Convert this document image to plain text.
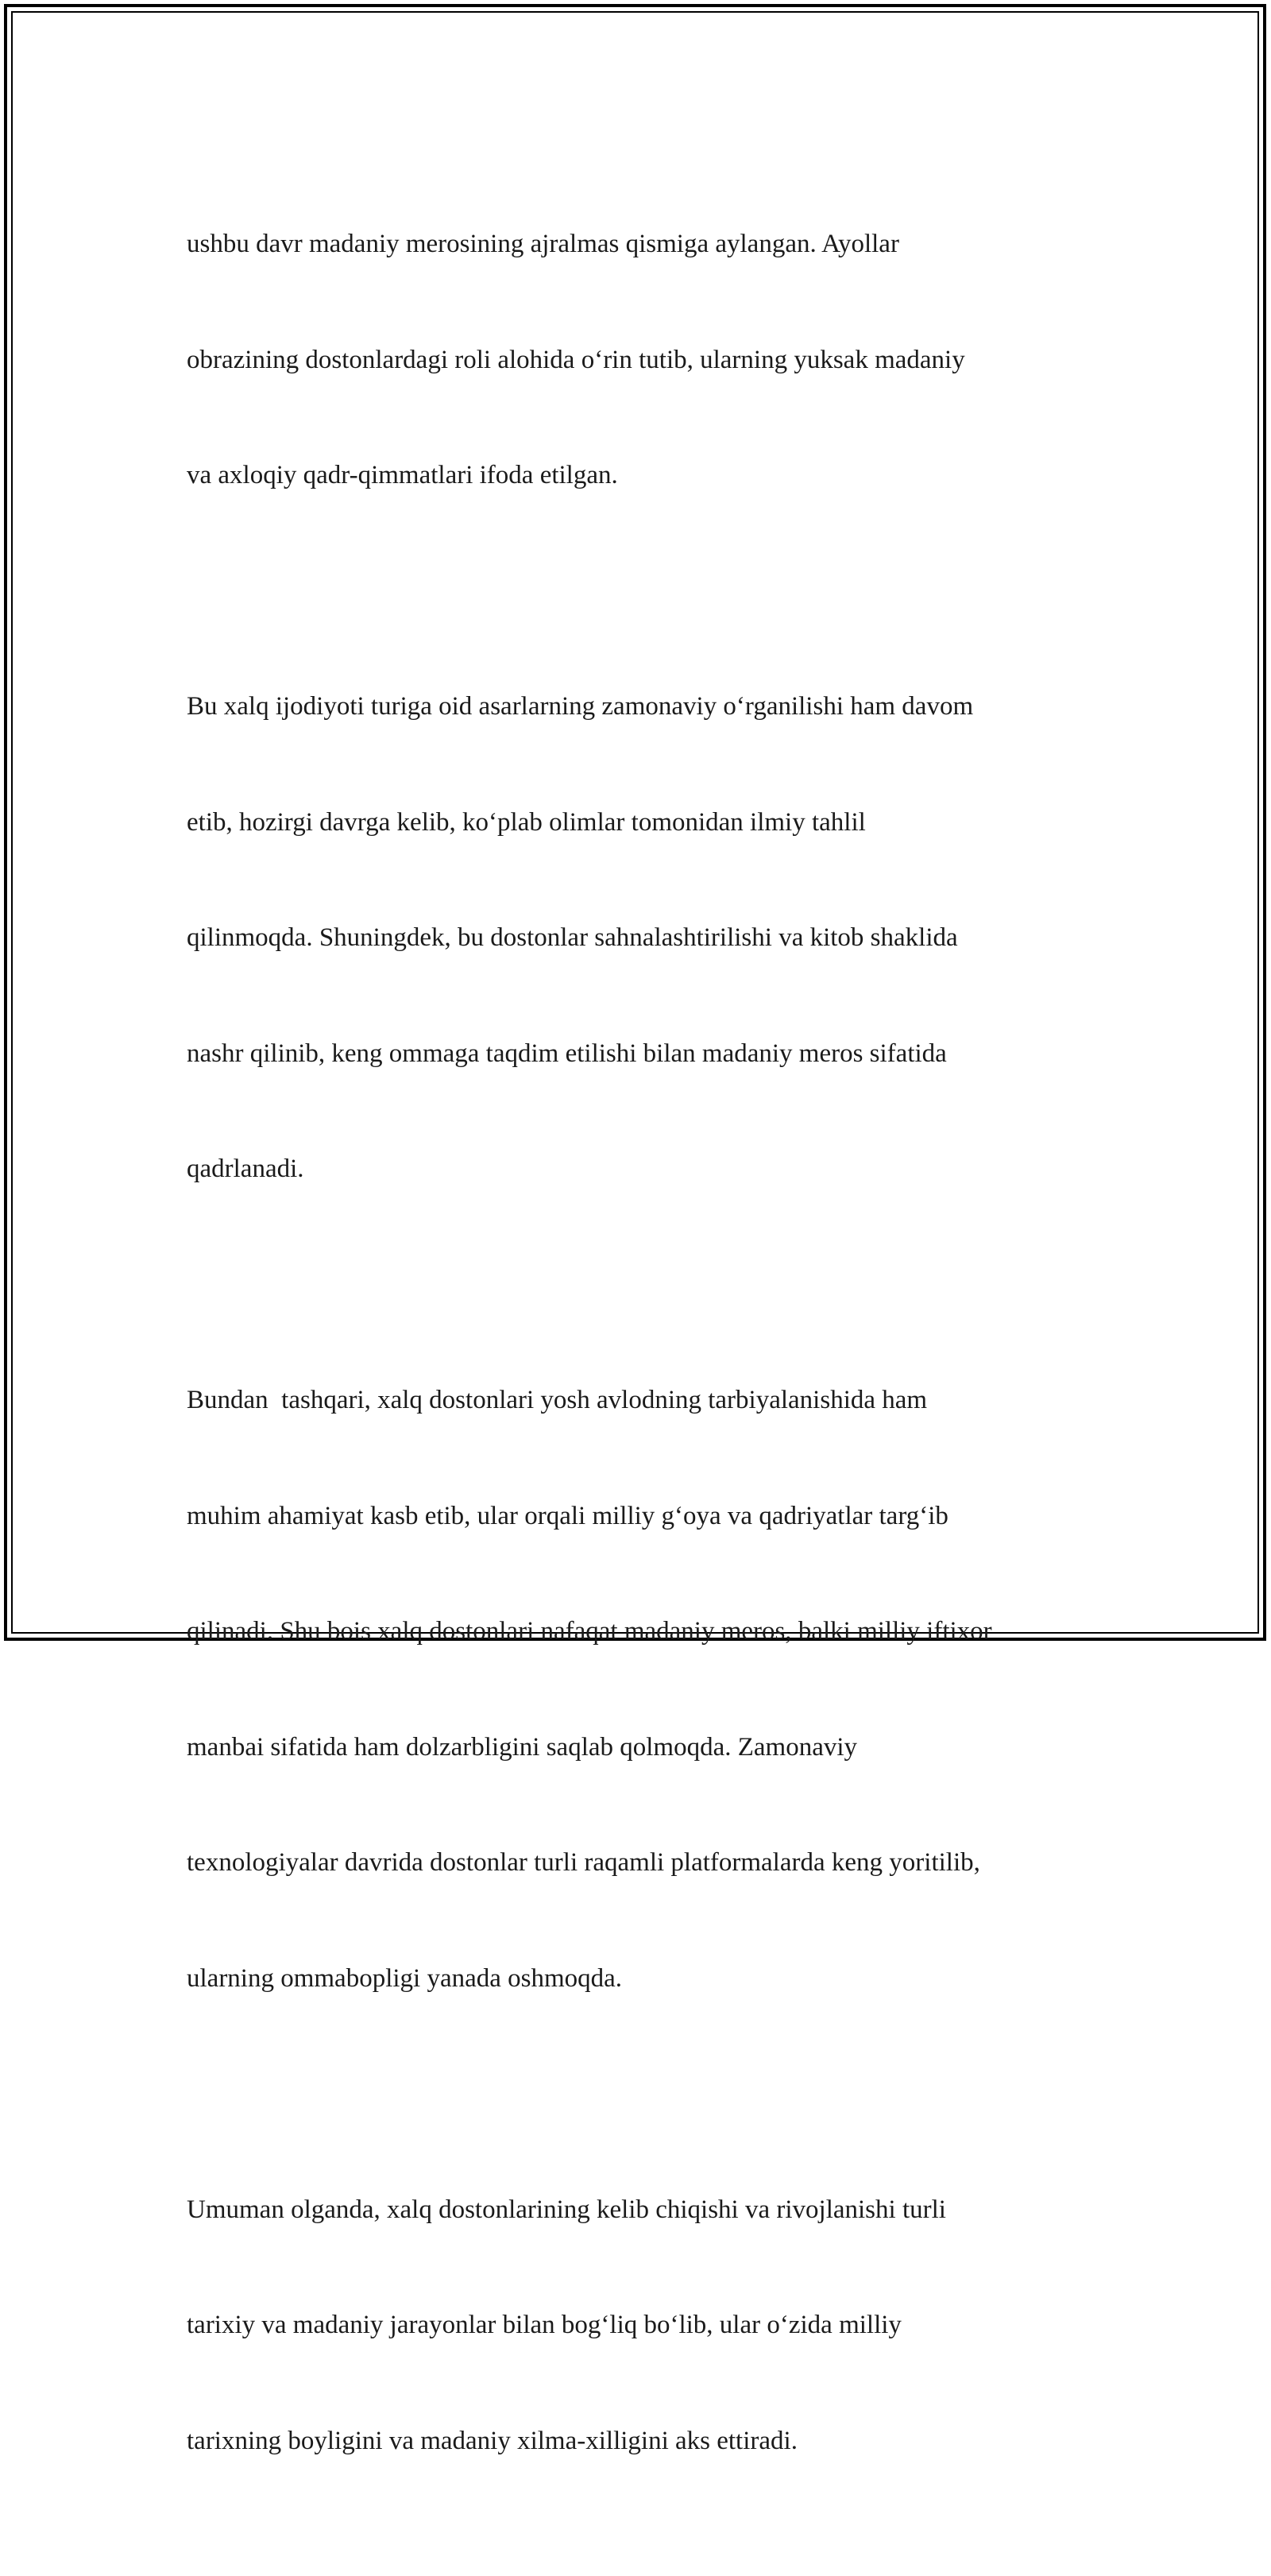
ushbu davr madaniy merosining ajralmas qismiga aylangan. Ayollar

obrazining dostonlardagi roli alohida o‘rin tutib, ularning yuksak madaniy

va axloqiy qadr-qimmatlari ifoda etilgan.

Bu xalq ijodiyoti turiga oid asarlarning zamonaviy o‘rganilishi ham davom

etib, hozirgi davrga kelib, ko‘plab olimlar tomonidan ilmiy tahlil

qilinmoqda. Shuningdek, bu dostonlar sahnalashtirilishi va kitob shaklida

nashr qilinib, keng ommaga taqdim etilishi bilan madaniy meros sifatida

qadrlanadi.

Bundan  tashqari, xalq dostonlari yosh avlodning tarbiyalanishida ham

muhim ahamiyat kasb etib, ular orqali milliy g‘oya va qadriyatlar targ‘ib

qilinadi. Shu bois xalq dostonlari nafaqat madaniy meros, balki milliy iftixor

manbai sifatida ham dolzarbligini saqlab qolmoqda. Zamonaviy

texnologiyalar davrida dostonlar turli raqamli platformalarda keng yoritilib,

ularning ommabopligi yanada oshmoqda.

Umuman olganda, xalq dostonlarining kelib chiqishi va rivojlanishi turli

tarixiy va madaniy jarayonlar bilan bog‘liq bo‘lib, ular o‘zida milliy

tarixning boyligini va madaniy xilma-xilligini aks ettiradi.
